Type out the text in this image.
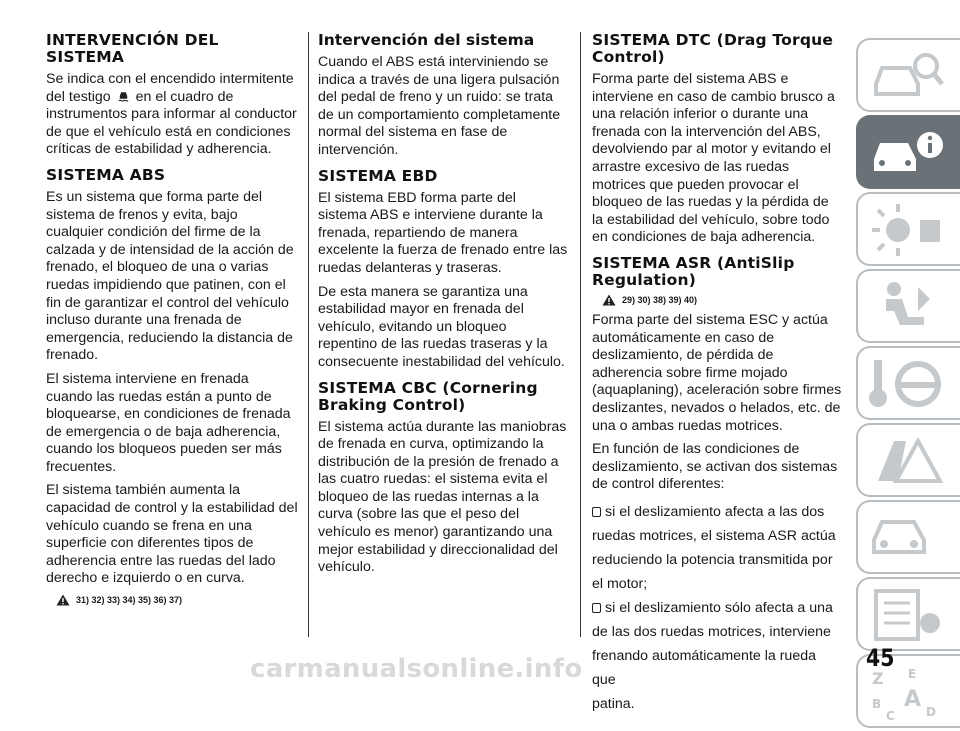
INTERVENCIÓN DEL SISTEMA
Se indica con el encendido intermitente del testigo en el cuadro de instrumentos para informar al conductor de que el vehículo está en condiciones críticas de estabilidad y adherencia.
SISTEMA ABS
Es un sistema que forma parte del sistema de frenos y evita, bajo cualquier condición del firme de la calzada y de intensidad de la acción de frenado, el bloqueo de una o varias ruedas impidiendo que patinen, con el fin de garantizar el control del vehículo incluso durante una frenada de emergencia, reduciendo la distancia de frenado.
El sistema interviene en frenada cuando las ruedas están a punto de bloquearse, en condiciones de frenada de emergencia o de baja adherencia, cuando los bloqueos pueden ser más frecuentes.
El sistema también aumenta la capacidad de control y la estabilidad del vehículo cuando se frena en una superficie con diferentes tipos de adherencia entre las ruedas del lado derecho e izquierdo o en curva.
31) 32) 33) 34) 35) 36) 37)
Intervención del sistema
Cuando el ABS está interviniendo se indica a través de una ligera pulsación del pedal de freno y un ruido: se trata de un comportamiento completamente normal del sistema en fase de intervención.
SISTEMA EBD
El sistema EBD forma parte del sistema ABS e interviene durante la frenada, repartiendo de manera excelente la fuerza de frenado entre las ruedas delanteras y traseras.
De esta manera se garantiza una estabilidad mayor en frenada del vehículo, evitando un bloqueo repentino de las ruedas traseras y la consecuente inestabilidad del vehículo.
SISTEMA CBC (Cornering Braking Control)
El sistema actúa durante las maniobras de frenada en curva, optimizando la distribución de la presión de frenado a las cuatro ruedas: el sistema evita el bloqueo de las ruedas internas a la curva (sobre las que el peso del vehículo es menor) garantizando una mejor estabilidad y direccionalidad del vehículo.
SISTEMA DTC (Drag Torque Control)
Forma parte del sistema ABS e interviene en caso de cambio brusco a una relación inferior o durante una frenada con la intervención del ABS, devolviendo par al motor y evitando el arrastre excesivo de las ruedas motrices que pueden provocar el bloqueo de las ruedas y la pérdida de la estabilidad del vehículo, sobre todo en condiciones de baja adherencia.
SISTEMA ASR (AntiSlip Regulation)
29) 30) 38) 39) 40)
Forma parte del sistema ESC y actúa automáticamente en caso de deslizamiento, de pérdida de adherencia sobre firme mojado (aquaplaning), aceleración sobre firmes deslizantes, nevados o helados, etc. de una o ambas ruedas motrices.
En función de las condiciones de deslizamiento, se activan dos sistemas de control diferentes:
si el deslizamiento afecta a las dos
ruedas motrices, el sistema ASR actúa
reduciendo la potencia transmitida por
el motor;
si el deslizamiento sólo afecta a una
de las dos ruedas motrices, interviene
frenando automáticamente la rueda que
patina.
Z E
B A
C	D
45
carmanualsonline.info
